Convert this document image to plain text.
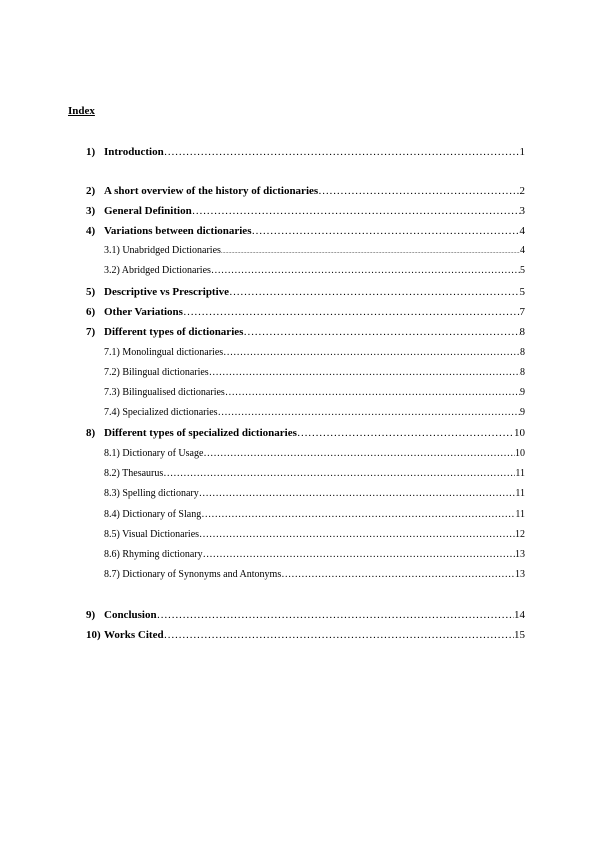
Index
1) Introduction ……………………………………………………………………………………………………………………………………………………………………………………………………	1
2) A short overview of the history of dictionaries ……………………………………………………………………………………………………………………………………………………………………………………………………	2
3) General Definition ……………………………………………………………………………………………………………………………………………………………………………………………………	3
4) Variations between dictionaries ……………………………………………………………………………………………………………………………………………………………………………………………………	4
3.1) Unabridged Dictionaries .....	4
3.2) Abridged Dictionaries ……………………………………………………………………………………………………………………………………………………………………………………………………	5
5) Descriptive vs Prescriptive ……………………………………………………………………………………………………………………………………………………………………………………………………	5
6) Other Variations ……………………………………………………………………………………………………………………………………………………………………………………………………	7
7) Different types of dictionaries ……………………………………………………………………………………………………………………………………………………………………………………………………	8
7.1) Monolingual dictionaries ……………………………………………………………………………………………………………………………………………………………………………………………………	8
7.2) Bilingual dictionaries ……………………………………………………………………………………………………………………………………………………………………………………………………	8
7.3) Bilingualised dictionaries ……………………………………………………………………………………………………………………………………………………………………………………………………	9
7.4) Specialized dictionaries ……………………………………………………………………………………………………………………………………………………………………………………………………	9
8) Different types of specialized dictionaries ……………………………………………………………………………………………………………………………………………………………………………………………………	10
8.1) Dictionary of Usage ……………………………………………………………………………………………………………………………………………………………………………………………………	10
8.2) Thesaurus ……………………………………………………………………………………………………………………………………………………………………………………………………	11
8.3) Spelling dictionary ……………………………………………………………………………………………………………………………………………………………………………………………………	11
8.4) Dictionary of Slang ……………………………………………………………………………………………………………………………………………………………………………………………………	11
8.5) Visual Dictionaries ……………………………………………………………………………………………………………………………………………………………………………………………………	12
8.6) Rhyming dictionary ……………………………………………………………………………………………………………………………………………………………………………………………………	13
8.7) Dictionary of Synonyms and Antonyms ……………………………………………………………………………………………………………………………………………………………………………………………………	13
9) Conclusion ……………………………………………………………………………………………………………………………………………………………………………………………………	14
10) Works Cited ……………………………………………………………………………………………………………………………………………………………………………………………………	15
